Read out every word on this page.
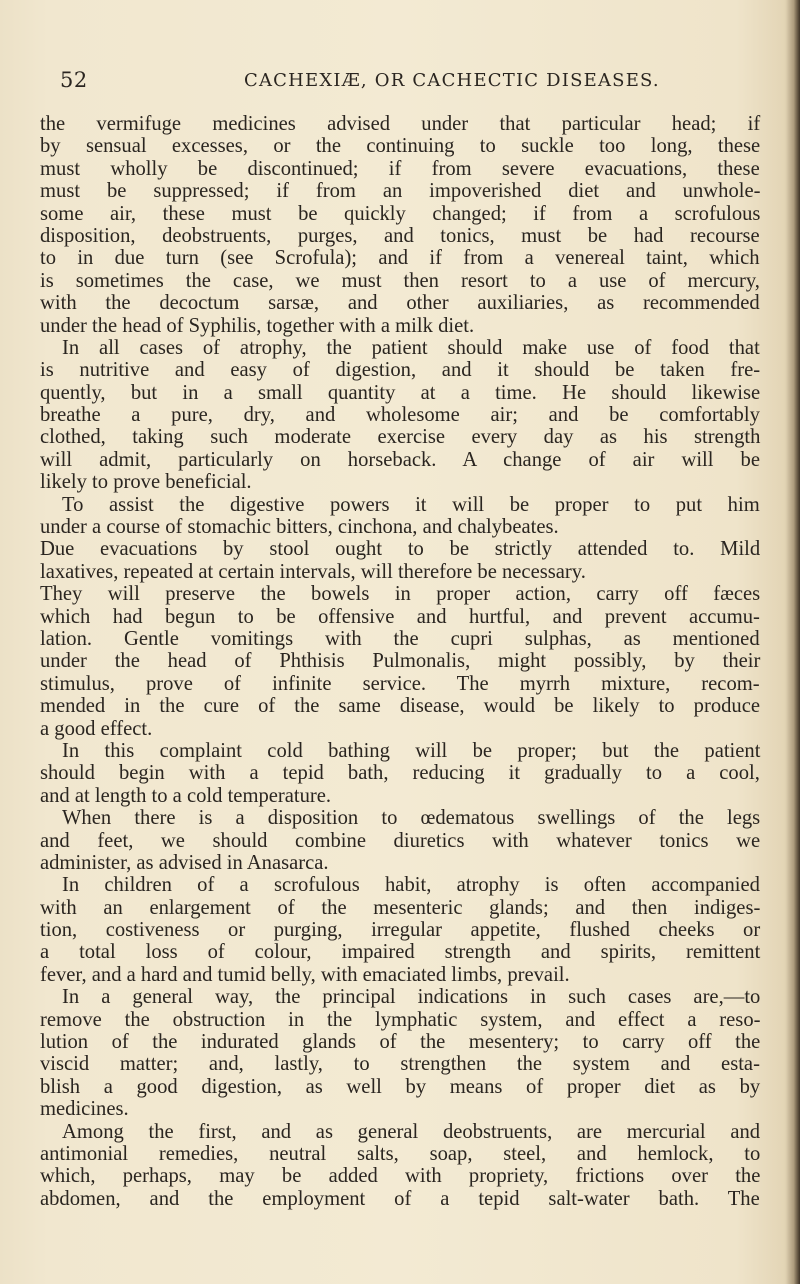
52	CACHEXIÆ, OR CACHECTIC DISEASES.
the vermifuge medicines advised under that particular head; if
by sensual excesses, or the continuing to suckle too long, these
must wholly be discontinued; if from severe evacuations, these
must be suppressed; if from an impoverished diet and unwhole-
some air, these must be quickly changed; if from a scrofulous
disposition, deobstruents, purges, and tonics, must be had recourse
to in due turn (see Scrofula); and if from a venereal taint, which
is sometimes the case, we must then resort to a use of mercury,
with the decoctum sarsæ, and other auxiliaries, as recommended
under the head of Syphilis, together with a milk diet.
In all cases of atrophy, the patient should make use of food that
is nutritive and easy of digestion, and it should be taken fre-
quently, but in a small quantity at a time. He should likewise
breathe a pure, dry, and wholesome air; and be comfortably
clothed, taking such moderate exercise every day as his strength
will admit, particularly on horseback. A change of air will be
likely to prove beneficial.
To assist the digestive powers it will be proper to put him
under a course of stomachic bitters, cinchona, and chalybeates.
Due evacuations by stool ought to be strictly attended to. Mild
laxatives, repeated at certain intervals, will therefore be necessary.
They will preserve the bowels in proper action, carry off fæces
which had begun to be offensive and hurtful, and prevent accumu-
lation. Gentle vomitings with the cupri sulphas, as mentioned
under the head of Phthisis Pulmonalis, might possibly, by their
stimulus, prove of infinite service. The myrrh mixture, recom-
mended in the cure of the same disease, would be likely to produce
a good effect.
In this complaint cold bathing will be proper; but the patient
should begin with a tepid bath, reducing it gradually to a cool,
and at length to a cold temperature.
When there is a disposition to œdematous swellings of the legs
and feet, we should combine diuretics with whatever tonics we
administer, as advised in Anasarca.
In children of a scrofulous habit, atrophy is often accompanied
with an enlargement of the mesenteric glands; and then indiges-
tion, costiveness or purging, irregular appetite, flushed cheeks or
a total loss of colour, impaired strength and spirits, remittent
fever, and a hard and tumid belly, with emaciated limbs, prevail.
In a general way, the principal indications in such cases are,—to
remove the obstruction in the lymphatic system, and effect a reso-
lution of the indurated glands of the mesentery; to carry off the
viscid matter; and, lastly, to strengthen the system and esta-
blish a good digestion, as well by means of proper diet as by
medicines.
Among the first, and as general deobstruents, are mercurial and
antimonial remedies, neutral salts, soap, steel, and hemlock, to
which, perhaps, may be added with propriety, frictions over the
abdomen, and the employment of a tepid salt-water bath. The
